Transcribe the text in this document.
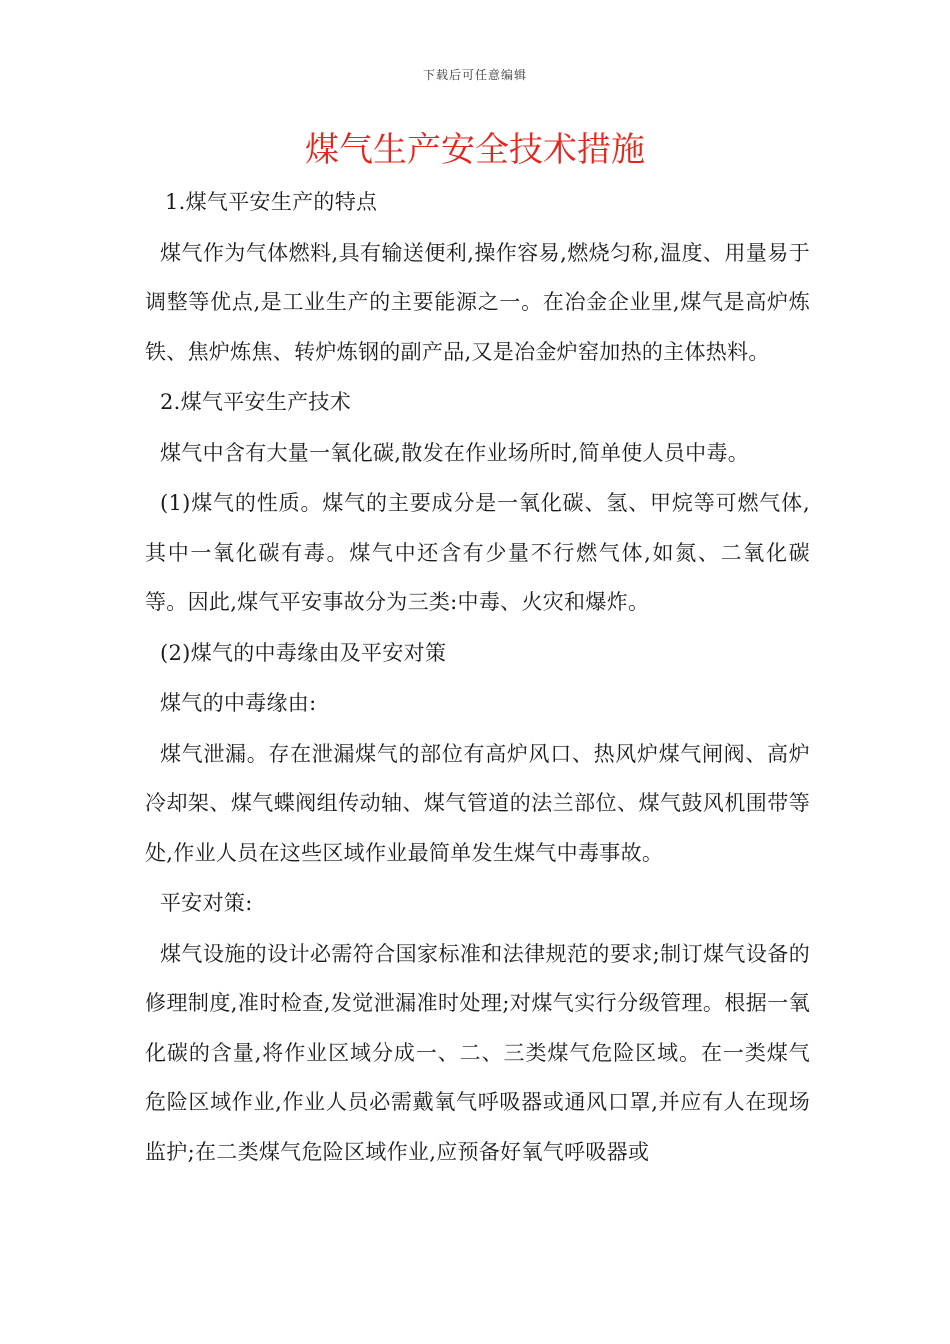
下载后可任意编辑
煤气生产安全技术措施

1.煤气平安生产的特点

煤气作为气体燃料,具有输送便利,操作容易,燃烧匀称,温度、用量易于调整等优点,是工业生产的主要能源之一。在冶金企业里,煤气是高炉炼铁、焦炉炼焦、转炉炼钢的副产品,又是冶金炉窑加热的主体热料。

2.煤气平安生产技术

煤气中含有大量一氧化碳,散发在作业场所时,简单使人员中毒。

(1)煤气的性质。煤气的主要成分是一氧化碳、氢、甲烷等可燃气体,其中一氧化碳有毒。煤气中还含有少量不行燃气体,如氮、二氧化碳等。因此,煤气平安事故分为三类:中毒、火灾和爆炸。

(2)煤气的中毒缘由及平安对策

煤气的中毒缘由:

煤气泄漏。存在泄漏煤气的部位有高炉风口、热风炉煤气闸阀、高炉冷却架、煤气蝶阀组传动轴、煤气管道的法兰部位、煤气鼓风机围带等处,作业人员在这些区域作业最简单发生煤气中毒事故。

平安对策:

煤气设施的设计必需符合国家标准和法律规范的要求;制订煤气设备的修理制度,准时检查,发觉泄漏准时处理;对煤气实行分级管理。根据一氧化碳的含量,将作业区域分成一、二、三类煤气危险区域。在一类煤气危险区域作业,作业人员必需戴氧气呼吸器或通风口罩,并应有人在现场监护;在二类煤气危险区域作业,应预备好氧气呼吸器或
